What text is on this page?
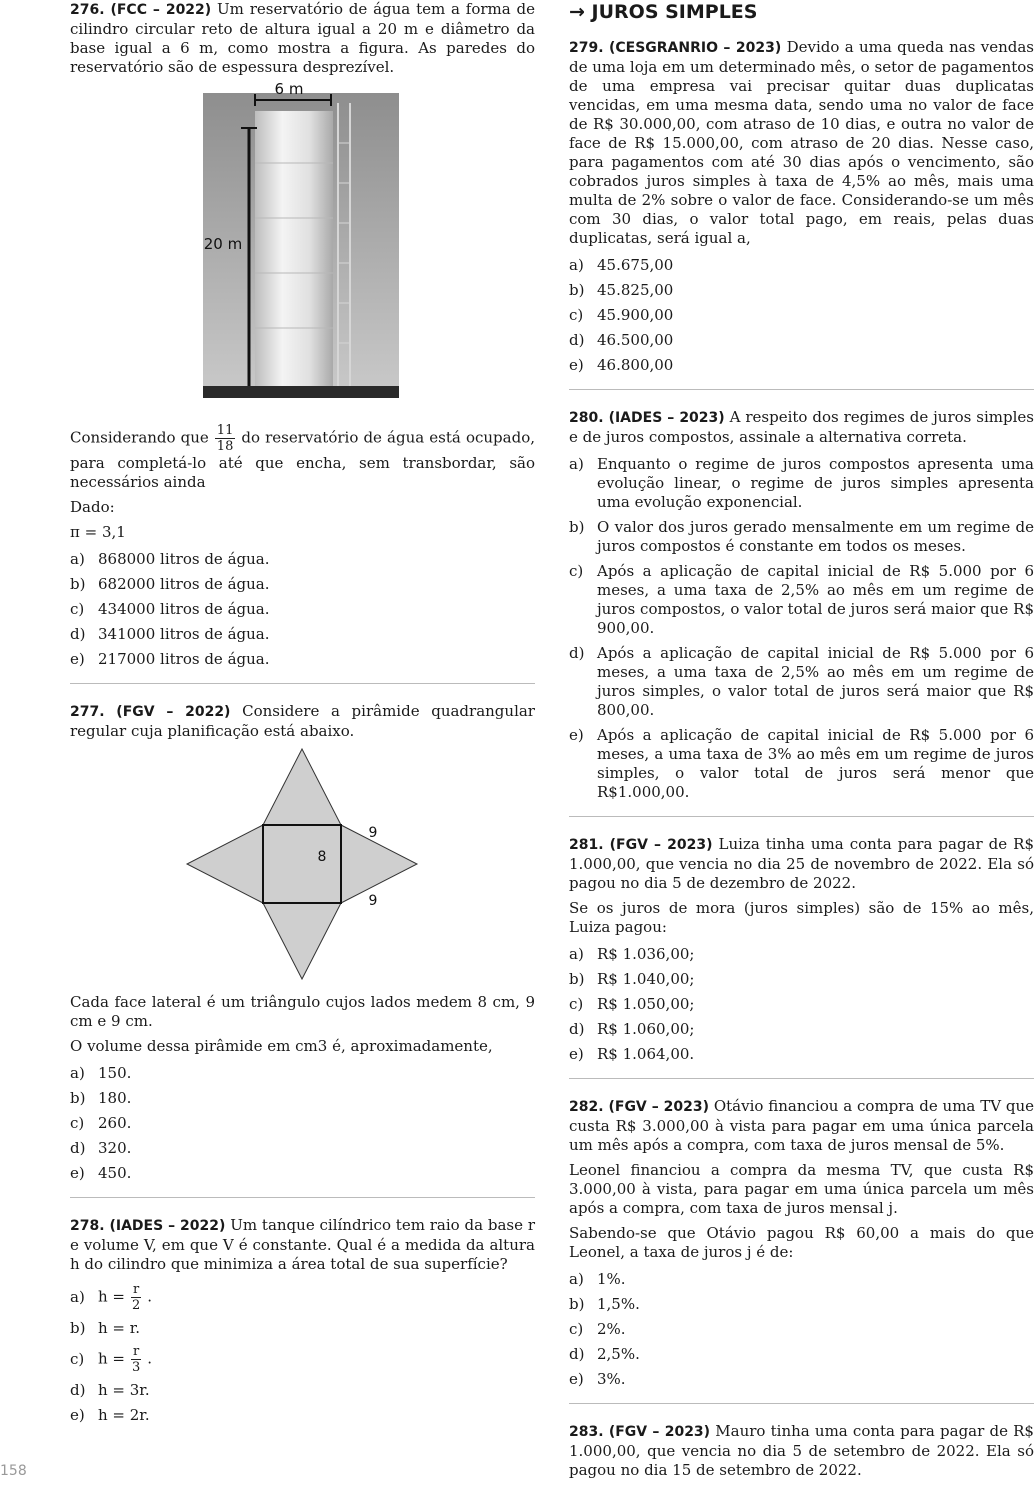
158

276. (FCC – 2022) Um reservatório de água tem a forma de cilindro circular reto de altura igual a 20 m e diâmetro da base igual a 6 m, como mostra a figura. As paredes do reservatório são de espessura desprezível.

6 m
20 m

Considerando que $\frac{11}{18}$ do reservatório de água está ocupado, para completá-lo até que encha, sem transbordar, são necessários ainda

Dado:

π = 3,1

a) 868000 litros de água.
b) 682000 litros de água.
c) 434000 litros de água.
d) 341000 litros de água.
e) 217000 litros de água.

277. (FGV – 2022) Considere a pirâmide quadrangular regular cuja planificação está abaixo.

8
9
9

Cada face lateral é um triângulo cujos lados medem 8 cm, 9 cm e 9 cm.

O volume dessa pirâmide em cm3 é, aproximadamente,

a) 150.
b) 180.
c) 260.
d) 320.
e) 450.

278. (IADES – 2022) Um tanque cilíndrico tem raio da base r e volume V, em que V é constante. Qual é a medida da altura h do cilindro que minimiza a área total de sua superfície?

a) $h = \frac{r}{2}$ .
b) h = r.
c) $h = \frac{r}{3}$ .
d) h = 3r.
e) h = 2r.
→ JUROS SIMPLES

279. (CESGRANRIO – 2023) Devido a uma queda nas vendas de uma loja em um determinado mês, o setor de pagamentos de uma empresa vai precisar quitar duas duplicatas vencidas, em uma mesma data, sendo uma no valor de face de R$ 30.000,00, com atraso de 10 dias, e outra no valor de face de R$ 15.000,00, com atraso de 20 dias. Nesse caso, para pagamentos com até 30 dias após o vencimento, são cobrados juros simples à taxa de 4,5% ao mês, mais uma multa de 2% sobre o valor de face. Considerando-se um mês com 30 dias, o valor total pago, em reais, pelas duas duplicatas, será igual a,

a) 45.675,00
b) 45.825,00
c) 45.900,00
d) 46.500,00
e) 46.800,00

280. (IADES – 2023) A respeito dos regimes de juros simples e de juros compostos, assinale a alternativa correta.

a) Enquanto o regime de juros compostos apresenta uma evolução linear, o regime de juros simples apresenta uma evolução exponencial.
b) O valor dos juros gerado mensalmente em um regime de juros compostos é constante em todos os meses.
c) Após a aplicação de capital inicial de R$ 5.000 por 6 meses, a uma taxa de 2,5% ao mês em um regime de juros compostos, o valor total de juros será maior que R$ 900,00.
d) Após a aplicação de capital inicial de R$ 5.000 por 6 meses, a uma taxa de 2,5% ao mês em um regime de juros simples, o valor total de juros será maior que R$ 800,00.
e) Após a aplicação de capital inicial de R$ 5.000 por 6 meses, a uma taxa de 3% ao mês em um regime de juros simples, o valor total de juros será menor que R$1.000,00.

281. (FGV – 2023) Luiza tinha uma conta para pagar de R$ 1.000,00, que vencia no dia 25 de novembro de 2022. Ela só pagou no dia 5 de dezembro de 2022.

Se os juros de mora (juros simples) são de 15% ao mês, Luiza pagou:

a) R$ 1.036,00;
b) R$ 1.040,00;
c) R$ 1.050,00;
d) R$ 1.060,00;
e) R$ 1.064,00.

282. (FGV – 2023) Otávio financiou a compra de uma TV que custa R$ 3.000,00 à vista para pagar em uma única parcela um mês após a compra, com taxa de juros mensal de 5%.

Leonel financiou a compra da mesma TV, que custa R$ 3.000,00 à vista, para pagar em uma única parcela um mês após a compra, com taxa de juros mensal j.

Sabendo-se que Otávio pagou R$ 60,00 a mais do que Leonel, a taxa de juros j é de:

a) 1%.
b) 1,5%.
c) 2%.
d) 2,5%.
e) 3%.

283. (FGV – 2023) Mauro tinha uma conta para pagar de R$ 1.000,00, que vencia no dia 5 de setembro de 2022. Ela só pagou no dia 15 de setembro de 2022.
